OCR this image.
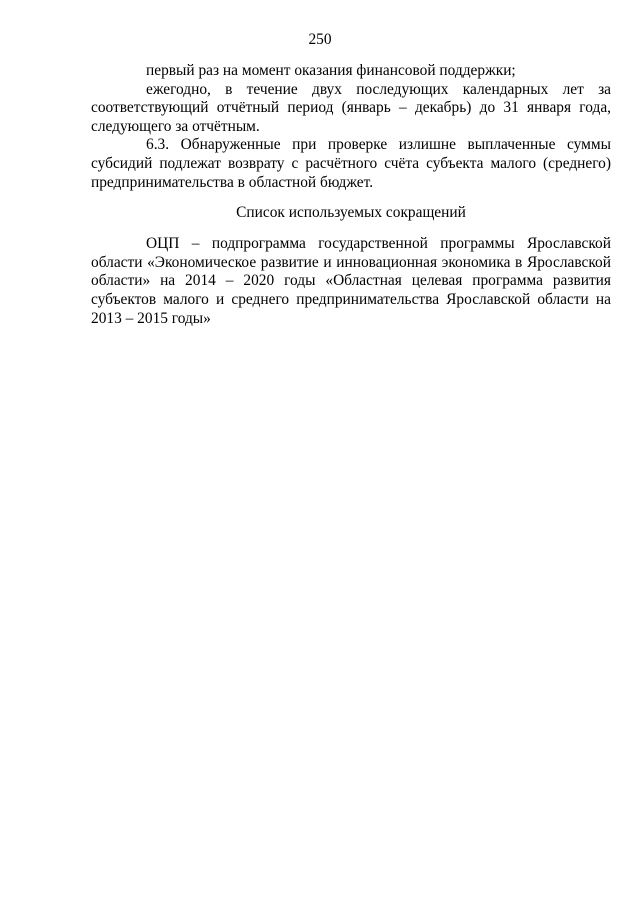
250

первый раз на момент оказания финансовой поддержки;

ежегодно, в течение двух последующих календарных лет за соответствующий отчётный период (январь – декабрь) до 31 января года, следующего за отчётным.

6.3. Обнаруженные при проверке излишне выплаченные суммы субсидий подлежат возврату с расчётного счёта субъекта малого (среднего) предпринимательства в областной бюджет.

Список используемых сокращений

ОЦП – подпрограмма государственной программы Ярославской области «Экономическое развитие и инновационная экономика в Ярославской области» на 2014 – 2020 годы «Областная целевая программа развития субъектов малого и среднего предпринимательства Ярославской области на 2013 – 2015 годы»
